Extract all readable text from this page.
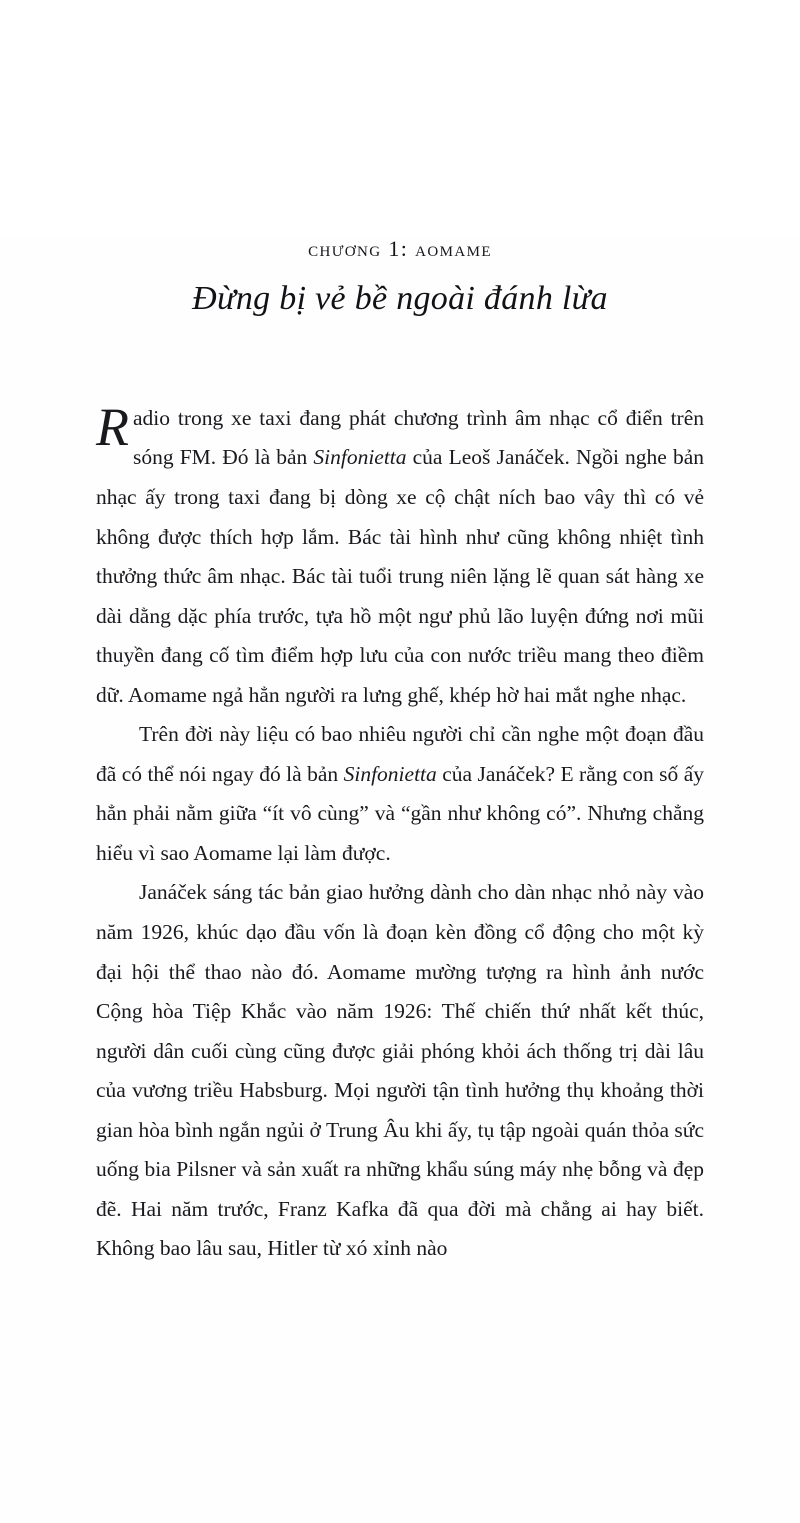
chương 1: aomame
Đừng bị vẻ bề ngoài đánh lừa

Radio trong xe taxi đang phát chương trình âm nhạc cổ điển trên sóng FM. Đó là bản Sinfonietta của Leoš Janáček. Ngồi nghe bản nhạc ấy trong taxi đang bị dòng xe cộ chật ních bao vây thì có vẻ không được thích hợp lắm. Bác tài hình như cũng không nhiệt tình thưởng thức âm nhạc. Bác tài tuổi trung niên lặng lẽ quan sát hàng xe dài dằng dặc phía trước, tựa hồ một ngư phủ lão luyện đứng nơi mũi thuyền đang cố tìm điểm hợp lưu của con nước triều mang theo điềm dữ. Aomame ngả hẳn người ra lưng ghế, khép hờ hai mắt nghe nhạc.

Trên đời này liệu có bao nhiêu người chỉ cần nghe một đoạn đầu đã có thể nói ngay đó là bản Sinfonietta của Janáček? E rằng con số ấy hẳn phải nằm giữa “ít vô cùng” và “gần như không có”. Nhưng chẳng hiểu vì sao Aomame lại làm được.

Janáček sáng tác bản giao hưởng dành cho dàn nhạc nhỏ này vào năm 1926, khúc dạo đầu vốn là đoạn kèn đồng cổ động cho một kỳ đại hội thể thao nào đó. Aomame mường tượng ra hình ảnh nước Cộng hòa Tiệp Khắc vào năm 1926: Thế chiến thứ nhất kết thúc, người dân cuối cùng cũng được giải phóng khỏi ách thống trị dài lâu của vương triều Habsburg. Mọi người tận tình hưởng thụ khoảng thời gian hòa bình ngắn ngủi ở Trung Âu khi ấy, tụ tập ngoài quán thỏa sức uống bia Pilsner và sản xuất ra những khẩu súng máy nhẹ bỗng và đẹp đẽ. Hai năm trước, Franz Kafka đã qua đời mà chẳng ai hay biết. Không bao lâu sau, Hitler từ xó xỉnh nào
